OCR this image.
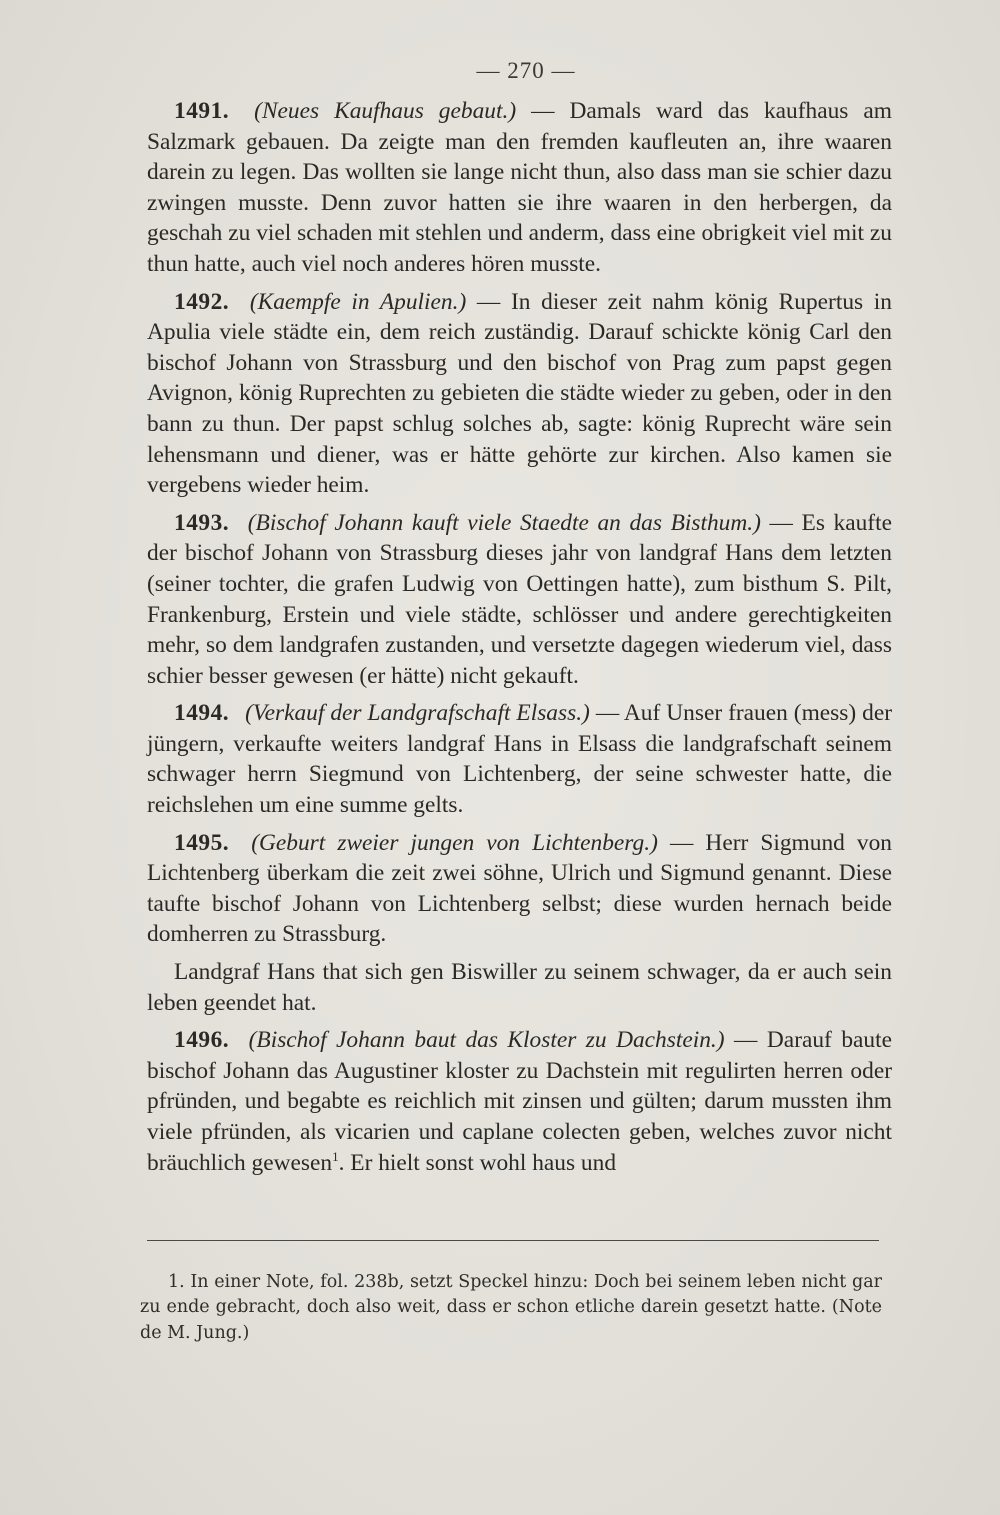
— 270 —

1491. (Neues Kaufhaus gebaut.) — Damals ward das kaufhaus am Salzmark gebauen. Da zeigte man den fremden kaufleuten an, ihre waaren darein zu legen. Das wollten sie lange nicht thun, also dass man sie schier dazu zwingen musste. Denn zuvor hatten sie ihre waaren in den herbergen, da geschah zu viel schaden mit stehlen und anderm, dass eine obrigkeit viel mit zu thun hatte, auch viel noch anderes hören musste.

1492. (Kaempfe in Apulien.) — In dieser zeit nahm könig Rupertus in Apulia viele städte ein, dem reich zuständig. Darauf schickte könig Carl den bischof Johann von Strassburg und den bischof von Prag zum papst gegen Avignon, könig Ruprechten zu gebieten die städte wieder zu geben, oder in den bann zu thun. Der papst schlug solches ab, sagte: könig Ruprecht wäre sein lehensmann und diener, was er hätte gehörte zur kirchen. Also kamen sie vergebens wieder heim.

1493. (Bischof Johann kauft viele Staedte an das Bisthum.) — Es kaufte der bischof Johann von Strassburg dieses jahr von landgraf Hans dem letzten (seiner tochter, die grafen Ludwig von Oettingen hatte), zum bisthum S. Pilt, Frankenburg, Erstein und viele städte, schlösser und andere gerechtigkeiten mehr, so dem landgrafen zustanden, und versetzte dagegen wiederum viel, dass schier besser gewesen (er hätte) nicht gekauft.

1494. (Verkauf der Landgrafschaft Elsass.) — Auf Unser frauen (mess) der jüngern, verkaufte weiters landgraf Hans in Elsass die landgrafschaft seinem schwager herrn Siegmund von Lichtenberg, der seine schwester hatte, die reichslehen um eine summe gelts.

1495. (Geburt zweier jungen von Lichtenberg.) — Herr Sigmund von Lichtenberg überkam die zeit zwei söhne, Ulrich und Sigmund genannt. Diese taufte bischof Johann von Lichtenberg selbst; diese wurden hernach beide domherren zu Strassburg.

Landgraf Hans that sich gen Biswiller zu seinem schwager, da er auch sein leben geendet hat.

1496. (Bischof Johann baut das Kloster zu Dachstein.) — Darauf baute bischof Johann das Augustiner kloster zu Dachstein mit regulirten herren oder pfründen, und begabte es reichlich mit zinsen und gülten; darum mussten ihm viele pfründen, als vicarien und caplane colecten geben, welches zuvor nicht bräuchlich gewesen$^1$. Er hielt sonst wohl haus und

1. In einer Note, fol. 238b, setzt Speckel hinzu: Doch bei seinem leben nicht gar zu ende gebracht, doch also weit, dass er schon etliche darein gesetzt hatte. (Note de M. Jung.)
